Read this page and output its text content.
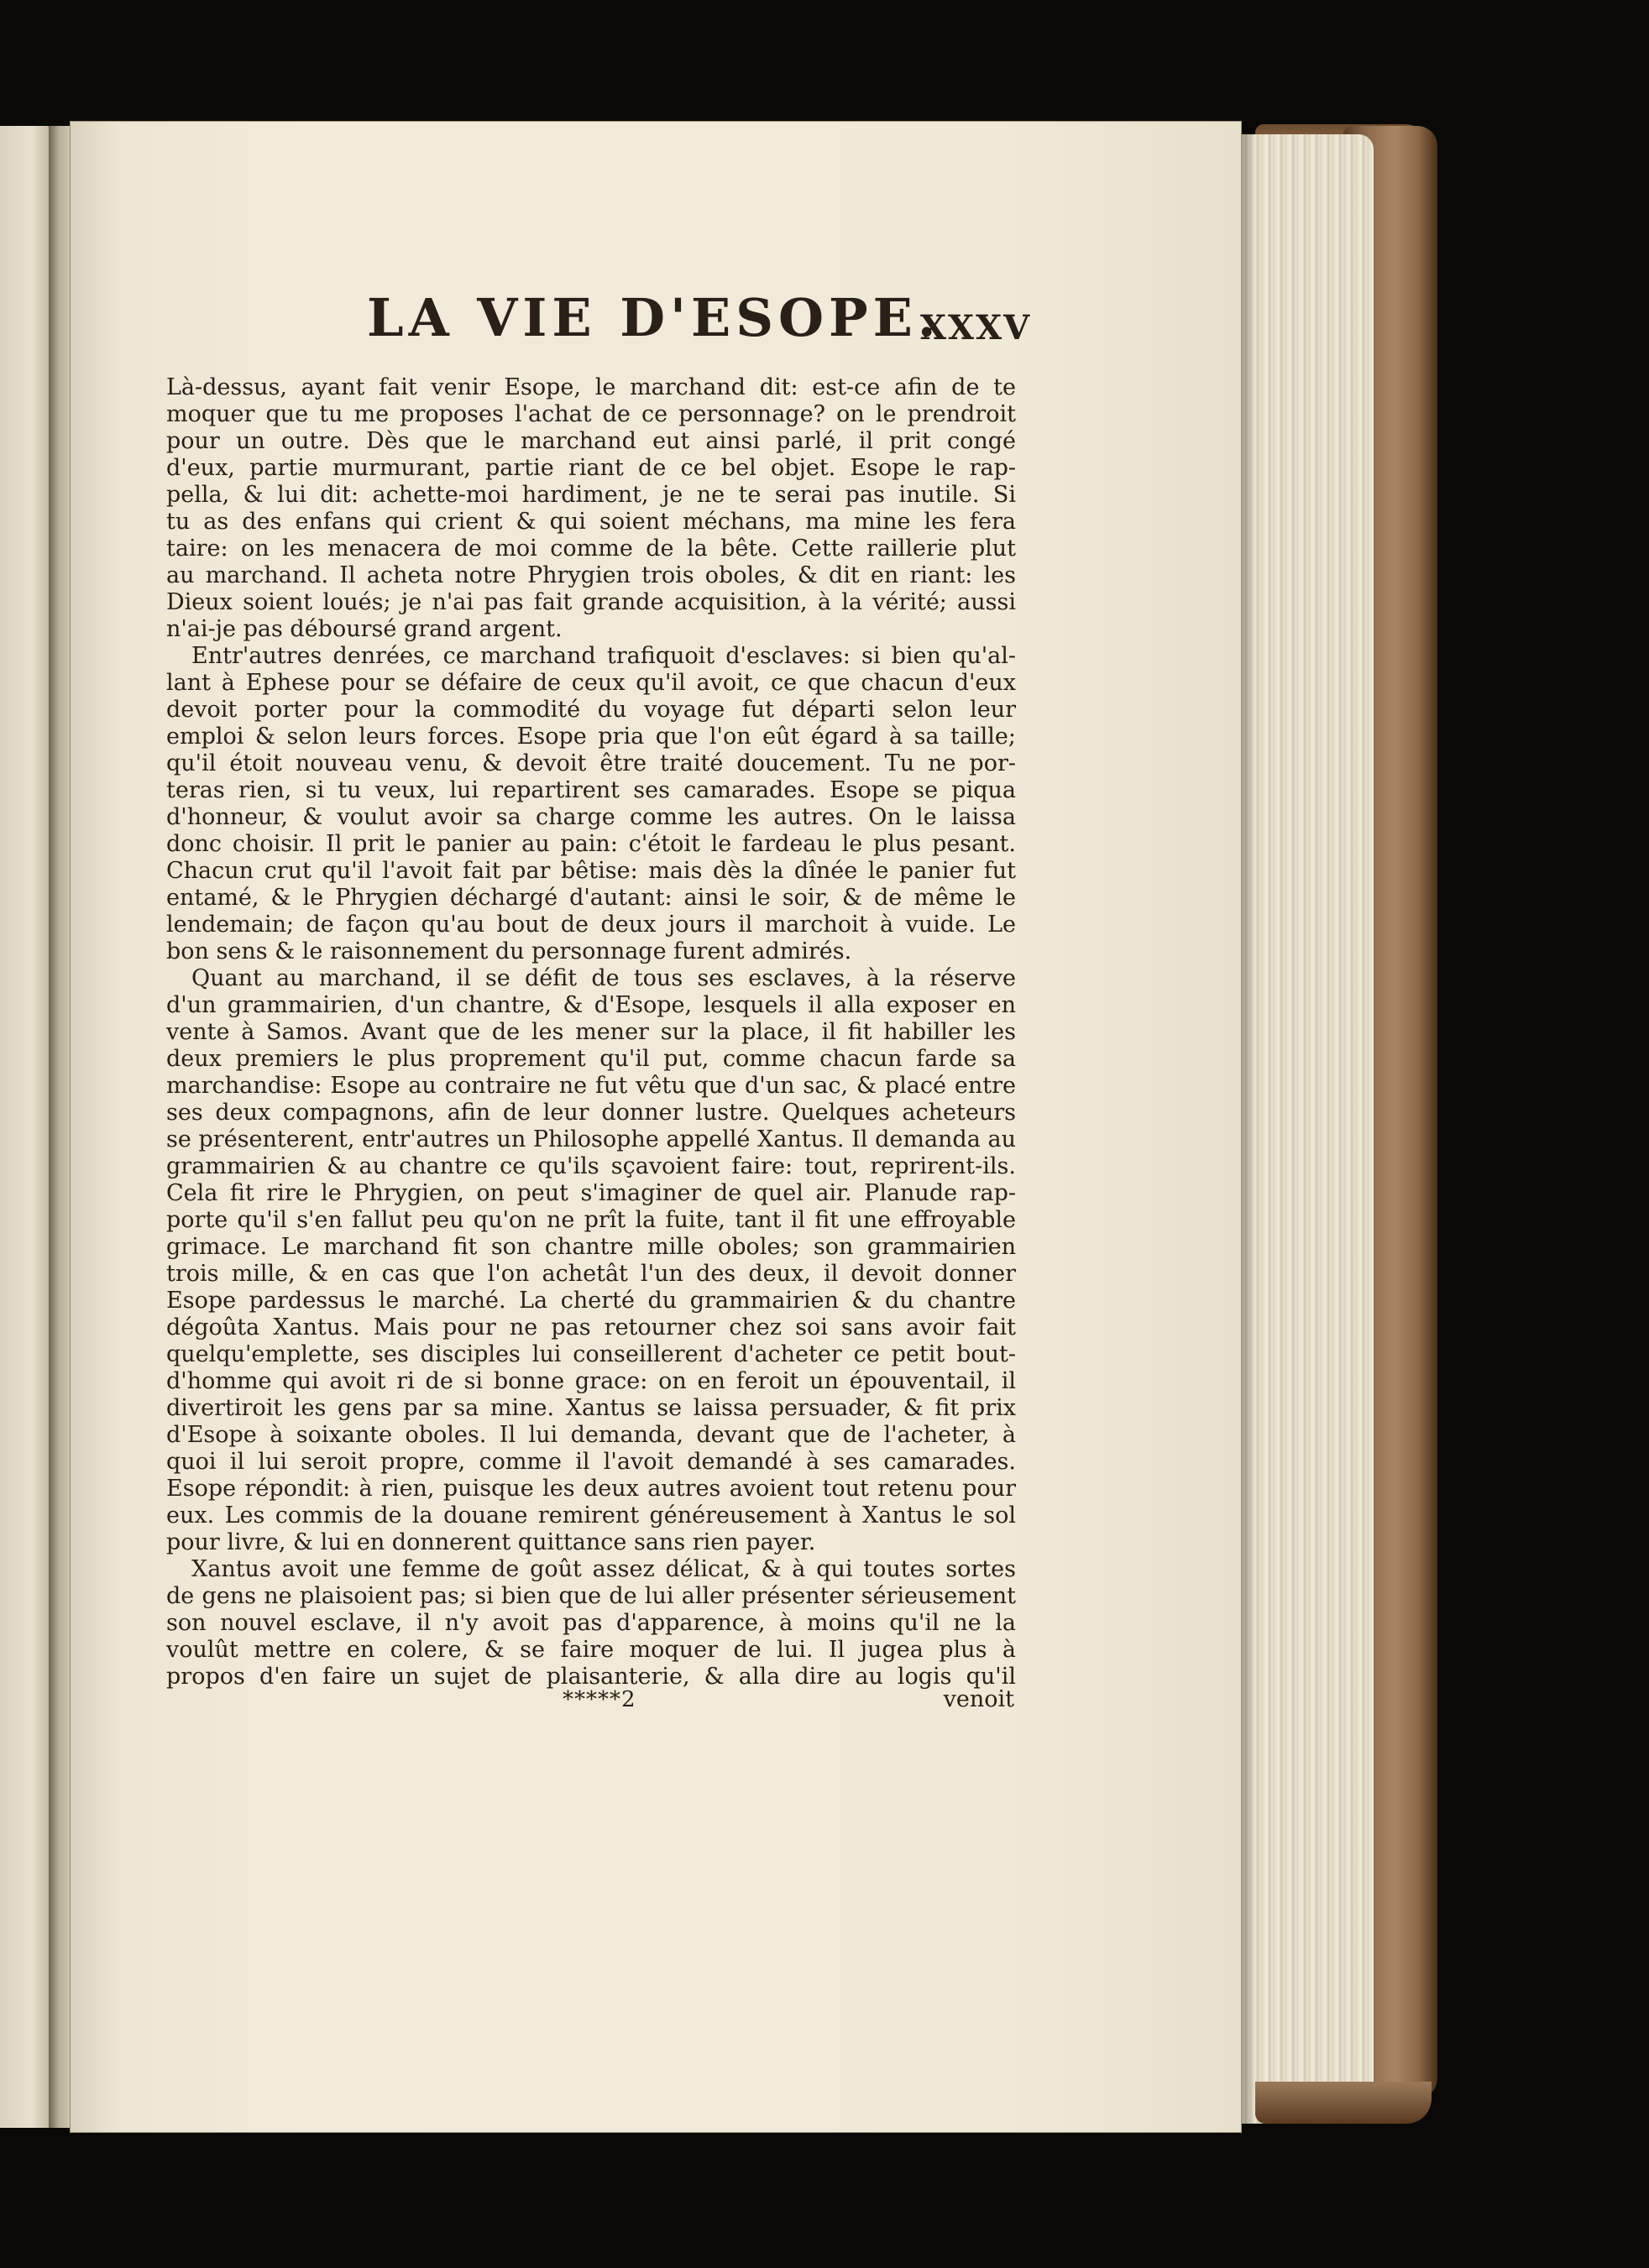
LA VIE D'ESOPE.
XXXV
Là-dessus, ayant fait venir Esope, le marchand dit: est-ce afin de te
moquer que tu me proposes l'achat de ce personnage? on le prendroit
pour un outre. Dès que le marchand eut ainsi parlé, il prit congé
d'eux, partie murmurant, partie riant de ce bel objet. Esope le rap-
pella, & lui dit: achette-moi hardiment, je ne te serai pas inutile. Si
tu as des enfans qui crient & qui soient méchans, ma mine les fera
taire: on les menacera de moi comme de la bête. Cette raillerie plut
au marchand. Il acheta notre Phrygien trois oboles, & dit en riant: les
Dieux soient loués; je n'ai pas fait grande acquisition, à la vérité; aussi
n'ai-je pas déboursé grand argent.
Entr'autres denrées, ce marchand trafiquoit d'esclaves: si bien qu'al-
lant à Ephese pour se défaire de ceux qu'il avoit, ce que chacun d'eux
devoit porter pour la commodité du voyage fut départi selon leur
emploi & selon leurs forces. Esope pria que l'on eût égard à sa taille;
qu'il étoit nouveau venu, & devoit être traité doucement. Tu ne por-
teras rien, si tu veux, lui repartirent ses camarades. Esope se piqua
d'honneur, & voulut avoir sa charge comme les autres. On le laissa
donc choisir. Il prit le panier au pain: c'étoit le fardeau le plus pesant.
Chacun crut qu'il l'avoit fait par bêtise: mais dès la dînée le panier fut
entamé, & le Phrygien déchargé d'autant: ainsi le soir, & de même le
lendemain; de façon qu'au bout de deux jours il marchoit à vuide. Le
bon sens & le raisonnement du personnage furent admirés.
Quant au marchand, il se défit de tous ses esclaves, à la réserve
d'un grammairien, d'un chantre, & d'Esope, lesquels il alla exposer en
vente à Samos. Avant que de les mener sur la place, il fit habiller les
deux premiers le plus proprement qu'il put, comme chacun farde sa
marchandise: Esope au contraire ne fut vêtu que d'un sac, & placé entre
ses deux compagnons, afin de leur donner lustre. Quelques acheteurs
se présenterent, entr'autres un Philosophe appellé Xantus. Il demanda au
grammairien & au chantre ce qu'ils sçavoient faire: tout, reprirent-ils.
Cela fit rire le Phrygien, on peut s'imaginer de quel air. Planude rap-
porte qu'il s'en fallut peu qu'on ne prît la fuite, tant il fit une effroyable
grimace. Le marchand fit son chantre mille oboles; son grammairien
trois mille, & en cas que l'on achetât l'un des deux, il devoit donner
Esope pardessus le marché. La cherté du grammairien & du chantre
dégoûta Xantus. Mais pour ne pas retourner chez soi sans avoir fait
quelqu'emplette, ses disciples lui conseillerent d'acheter ce petit bout-
d'homme qui avoit ri de si bonne grace: on en feroit un épouventail, il
divertiroit les gens par sa mine. Xantus se laissa persuader, & fit prix
d'Esope à soixante oboles. Il lui demanda, devant que de l'acheter, à
quoi il lui seroit propre, comme il l'avoit demandé à ses camarades.
Esope répondit: à rien, puisque les deux autres avoient tout retenu pour
eux. Les commis de la douane remirent généreusement à Xantus le sol
pour livre, & lui en donnerent quittance sans rien payer.
Xantus avoit une femme de goût assez délicat, & à qui toutes sortes
de gens ne plaisoient pas; si bien que de lui aller présenter sérieusement
son nouvel esclave, il n'y avoit pas d'apparence, à moins qu'il ne la
voulût mettre en colere, & se faire moquer de lui. Il jugea plus à
propos d'en faire un sujet de plaisanterie, & alla dire au logis qu'il
*****2	venoit
